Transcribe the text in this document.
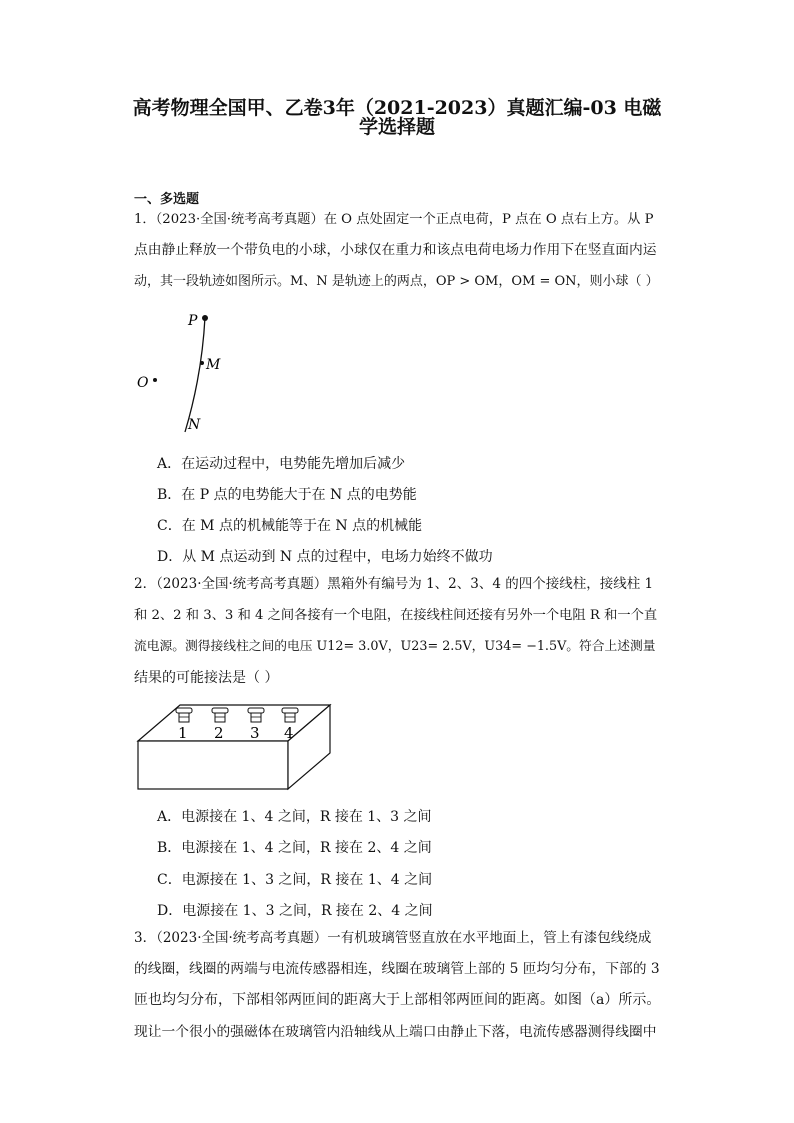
高考物理全国甲、乙卷3年（2021-2023）真题汇编-03 电磁
学选择题
一、多选题
1．（2023·全国·统考高考真题）在 O 点处固定一个正点电荷，P 点在 O 点右上方。从 P
点由静止释放一个带负电的小球，小球仅在重力和该点电荷电场力作用下在竖直面内运
动，其一段轨迹如图所示。M、N 是轨迹上的两点，OP > OM，OM = ON，则小球（ ）
P
M
O
N
A．在运动过程中，电势能先增加后减少
B．在 P 点的电势能大于在 N 点的电势能
C．在 M 点的机械能等于在 N 点的机械能
D．从 M 点运动到 N 点的过程中，电场力始终不做功
2．（2023·全国·统考高考真题）黑箱外有编号为 1、2、3、4 的四个接线柱，接线柱 1
和 2、2 和 3、3 和 4 之间各接有一个电阻，在接线柱间还接有另外一个电阻 R 和一个直
流电源。测得接线柱之间的电压 U12= 3.0V，U23= 2.5V，U34= −1.5V。符合上述测量
结果的可能接法是（ ）
1 2 3 4
A．电源接在 1、4 之间，R 接在 1、3 之间
B．电源接在 1、4 之间，R 接在 2、4 之间
C．电源接在 1、3 之间，R 接在 1、4 之间
D．电源接在 1、3 之间，R 接在 2、4 之间
3．（2023·全国·统考高考真题）一有机玻璃管竖直放在水平地面上，管上有漆包线绕成
的线圈，线圈的两端与电流传感器相连，线圈在玻璃管上部的 5 匝均匀分布，下部的 3
匝也均匀分布，下部相邻两匝间的距离大于上部相邻两匝间的距离。如图（a）所示。
现让一个很小的强磁体在玻璃管内沿轴线从上端口由静止下落，电流传感器测得线圈中
